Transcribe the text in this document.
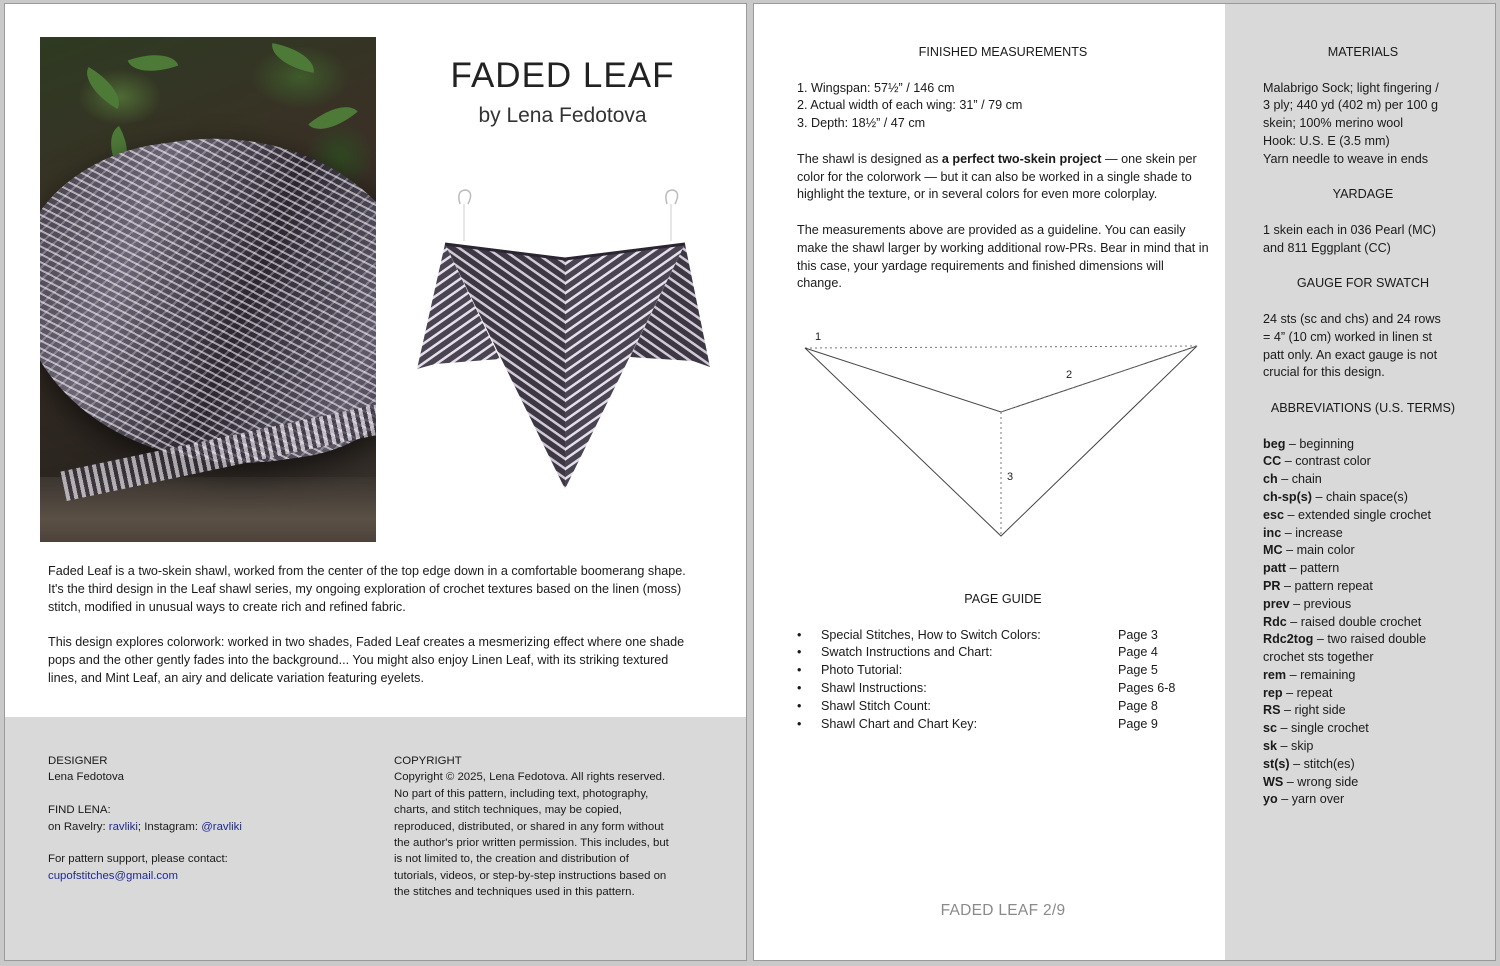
FADED LEAF
by Lena Fedotova

Faded Leaf is a two-skein shawl, worked from the center of the top edge down in a comfortable boomerang shape. It's the third design in the Leaf shawl series, my ongoing exploration of crochet textures based on the linen (moss) stitch, modified in unusual ways to create rich and refined fabric.

This design explores colorwork: worked in two shades, Faded Leaf creates a mesmerizing effect where one shade pops and the other gently fades into the background... You might also enjoy Linen Leaf, with its striking textured lines, and Mint Leaf, an airy and delicate variation featuring eyelets.

DESIGNER
Lena Fedotova
FIND LENA:
on Ravelry: ravliki; Instagram: @ravliki
For pattern support, please contact:
cupofstitches@gmail.com
COPYRIGHT
Copyright © 2025, Lena Fedotova. All rights reserved.
No part of this pattern, including text, photography,
charts, and stitch techniques, may be copied,
reproduced, distributed, or shared in any form without
the author's prior written permission. This includes, but
is not limited to, the creation and distribution of
tutorials, videos, or step-by-step instructions based on
the stitches and techniques used in this pattern.
FINISHED MEASUREMENTS
1. Wingspan: 57½” / 146 cm
2. Actual width of each wing: 31” / 79 cm
3. Depth: 18½” / 47 cm

The shawl is designed as a perfect two-skein project — one skein per color for the colorwork — but it can also be worked in a single shade to highlight the texture, or in several colors for even more colorplay.

The measurements above are provided as a guideline. You can easily make the shawl larger by working additional row-PRs. Bear in mind that in this case, your yardage requirements and finished dimensions will change.

1
2
3
PAGE GUIDE
• Special Stitches, How to Switch Colors:	Page 3
• Swatch Instructions and Chart:	Page 4
• Photo Tutorial:	Page 5
• Shawl Instructions:	Pages 6-8
• Shawl Stitch Count:	Page 8
• Shawl Chart and Chart Key:	Page 9
FADED LEAF 2/9
MATERIALS
Malabrigo Sock; light fingering /
3 ply; 440 yd (402 m) per 100 g
skein; 100% merino wool
Hook: U.S. E (3.5 mm)
Yarn needle to weave in ends
YARDAGE
1 skein each in 036 Pearl (MC)
and 811 Eggplant (CC)
GAUGE FOR SWATCH
24 sts (sc and chs) and 24 rows
= 4” (10 cm) worked in linen st
patt only. An exact gauge is not
crucial for this design.
ABBREVIATIONS (U.S. TERMS)
beg – beginning
CC – contrast color
ch – chain
ch-sp(s) – chain space(s)
esc – extended single crochet
inc – increase
MC – main color
patt – pattern
PR – pattern repeat
prev – previous
Rdc – raised double crochet
Rdc2tog – two raised double
crochet sts together
rem – remaining
rep – repeat
RS – right side
sc – single crochet
sk – skip
st(s) – stitch(es)
WS – wrong side
yo – yarn over
